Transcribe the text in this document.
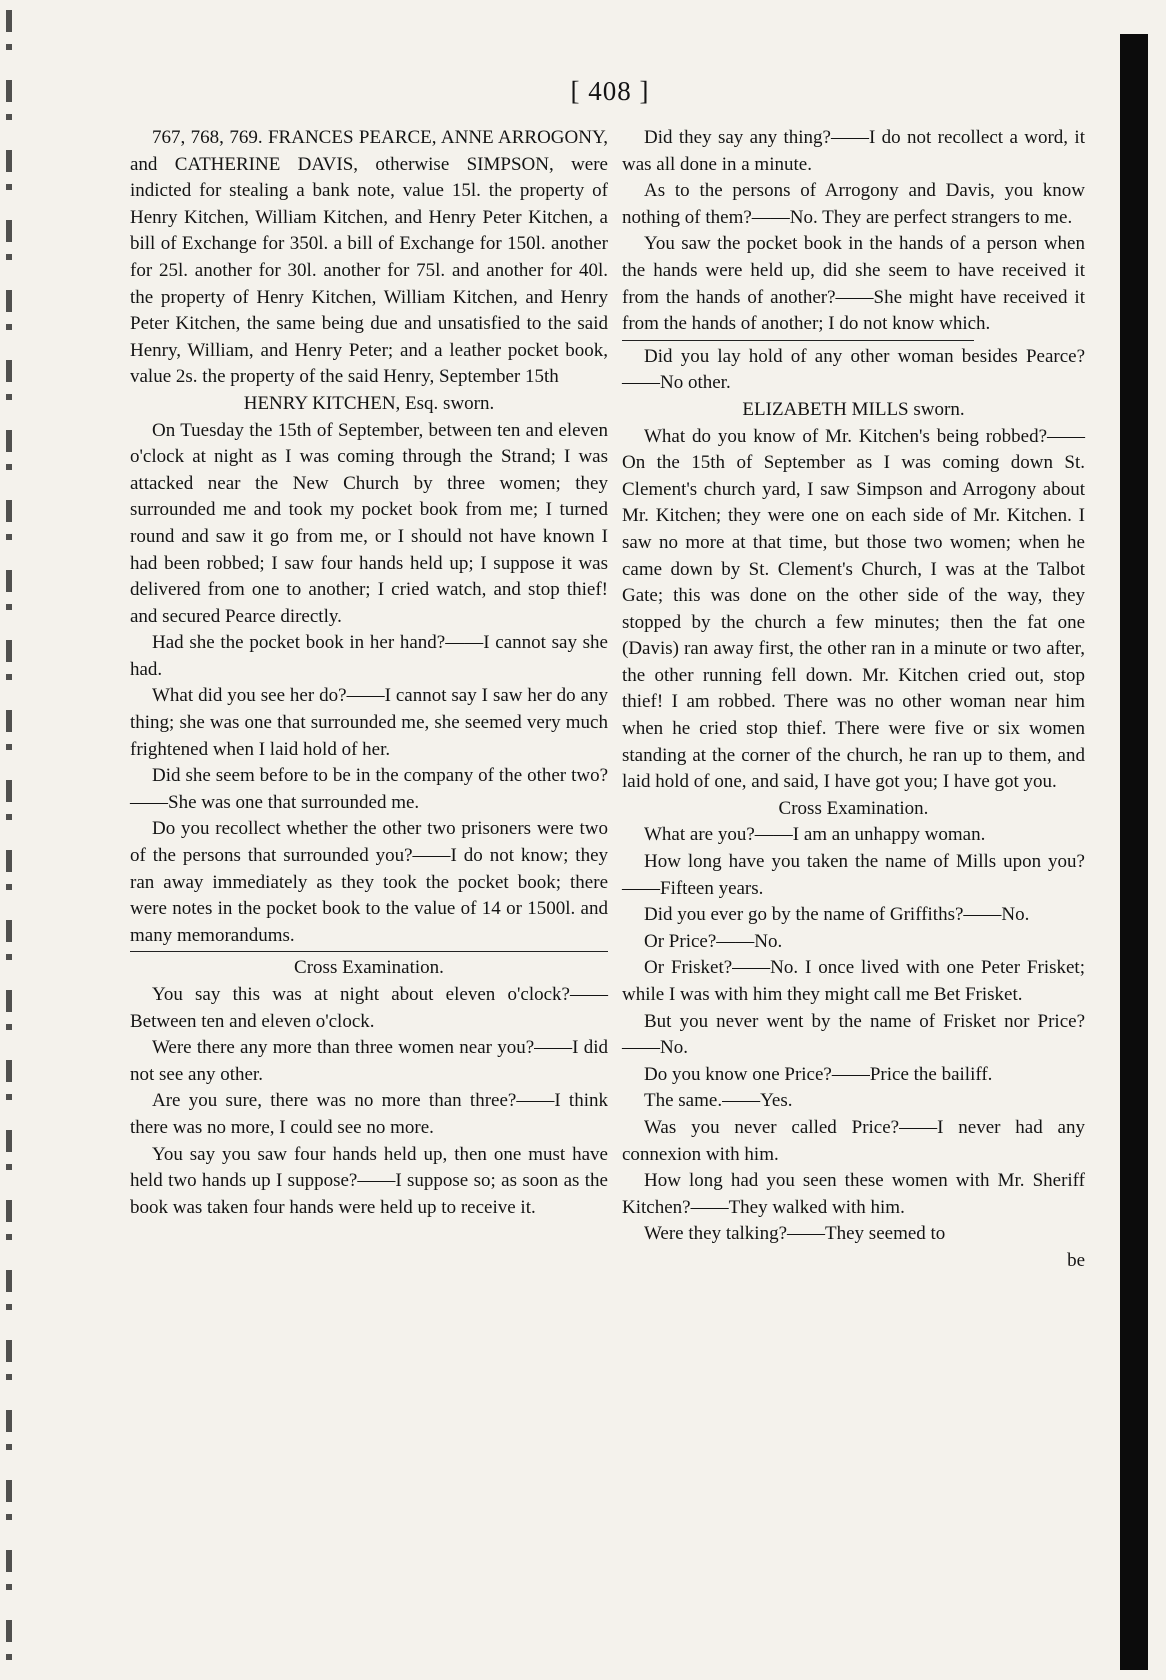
[ 408 ]

767, 768, 769. FRANCES PEARCE, ANNE ARROGONY, and CATHERINE DAVIS, otherwise SIMPSON, were indicted for stealing a bank note, value 15l. the property of Henry Kitchen, William Kitchen, and Henry Peter Kitchen, a bill of Exchange for 350l. a bill of Exchange for 150l. another for 25l. another for 30l. another for 75l. and another for 40l. the property of Henry Kitchen, William Kitchen, and Henry Peter Kitchen, the same being due and unsatisfied to the said Henry, William, and Henry Peter; and a leather pocket book, value 2s. the property of the said Henry, September 15th

HENRY KITCHEN, Esq. sworn.

On Tuesday the 15th of September, between ten and eleven o'clock at night as I was coming through the Strand; I was attacked near the New Church by three women; they surrounded me and took my pocket book from me; I turned round and saw it go from me, or I should not have known I had been robbed; I saw four hands held up; I suppose it was delivered from one to another; I cried watch, and stop thief! and secured Pearce directly.

Had she the pocket book in her hand?——I cannot say she had.

What did you see her do?——I cannot say I saw her do any thing; she was one that surrounded me, she seemed very much frightened when I laid hold of her.

Did she seem before to be in the company of the other two?——She was one that surrounded me.

Do you recollect whether the other two prisoners were two of the persons that surrounded you?——I do not know; they ran away immediately as they took the pocket book; there were notes in the pocket book to the value of 14 or 1500l. and many memorandums.

Cross Examination.

You say this was at night about eleven o'clock?——Between ten and eleven o'clock.

Were there any more than three women near you?——I did not see any other.

Are you sure, there was no more than three?——I think there was no more, I could see no more.

You say you saw four hands held up, then one must have held two hands up I suppose?——I suppose so; as soon as the book was taken four hands were held up to receive it.

Did they say any thing?——I do not recollect a word, it was all done in a minute.

As to the persons of Arrogony and Davis, you know nothing of them?——No. They are perfect strangers to me.

You saw the pocket book in the hands of a person when the hands were held up, did she seem to have received it from the hands of another?——She might have received it from the hands of another; I do not know which.

Did you lay hold of any other woman besides Pearce?——No other.

ELIZABETH MILLS sworn.

What do you know of Mr. Kitchen's being robbed?——On the 15th of September as I was coming down St. Clement's church yard, I saw Simpson and Arrogony about Mr. Kitchen; they were one on each side of Mr. Kitchen. I saw no more at that time, but those two women; when he came down by St. Clement's Church, I was at the Talbot Gate; this was done on the other side of the way, they stopped by the church a few minutes; then the fat one (Davis) ran away first, the other ran in a minute or two after, the other running fell down. Mr. Kitchen cried out, stop thief! I am robbed. There was no other woman near him when he cried stop thief. There were five or six women standing at the corner of the church, he ran up to them, and laid hold of one, and said, I have got you; I have got you.

Cross Examination.

What are you?——I am an unhappy woman.

How long have you taken the name of Mills upon you?——Fifteen years.

Did you ever go by the name of Griffiths?——No.

Or Price?——No.

Or Frisket?——No. I once lived with one Peter Frisket; while I was with him they might call me Bet Frisket.

But you never went by the name of Frisket nor Price?——No.

Do you know one Price?——Price the bailiff.

The same.——Yes.

Was you never called Price?——I never had any connexion with him.

How long had you seen these women with Mr. Sheriff Kitchen?——They walked with him.

Were they talking?——They seemed to

be
